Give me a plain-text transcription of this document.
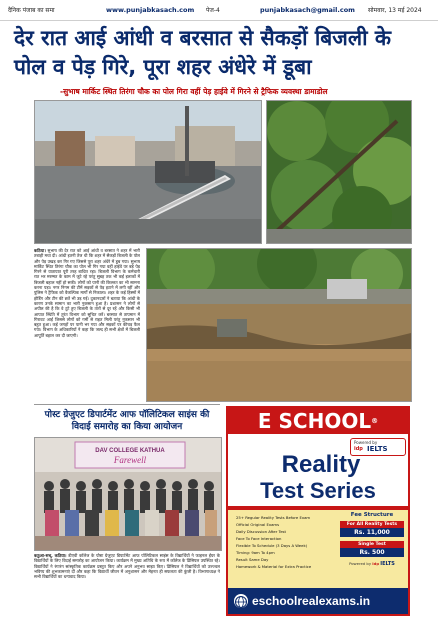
दैनिक पंजाब का समा	www.punjabkasach.com पेज-4	punjabkasach@gmail.com सोमवार, 13 मई 2024
देर रात आई आंधी व बरसात से सैकड़ों बिजली के पोल व पेड़ गिरे, पूरा शहर अंधेरे में डूबा
-सुभाष मार्किट स्थित तिरंगा चौक का पोल गिरा वहीं पेड़ हाईवे में गिरने से ट्रैफिक व्यवस्था डामाडोल
कठिया। सुभाष की देर रात को आई आंधी व बरसात ने शहर में भारी तबाही मचा दी। आंधी इतनी तेज थी कि शहर में सैकड़ों बिजली के पोल और पेड़ उखड़ कर गिर गए जिससे पूरा शहर अंधेरे में डूब गया। सुभाष मार्किट स्थित तिरंगा चौक का पोल भी गिर गया वहीं हाईवे पर बड़े पेड़ गिरने से यातायात पूरी तरह बाधित रहा। बिजली विभाग के कर्मचारी रात भर मरम्मत के काम में जुटे रहे परंतु सुबह तक भी कई इलाकों में बिजली बहाल नहीं हो सकी। लोगों को पानी की किल्लत का भी सामना करना पड़ा। नगर निगम की टीमें सड़कों से पेड़ हटाने में लगी रहीं और पुलिस ने ट्रैफिक को वैकल्पिक मार्गों से निकाला। शहर के कई हिस्सों में होर्डिंग और टीन की छतें भी उड़ गईं। दुकानदारों ने बताया कि आंधी के कारण उनके सामान का भारी नुकसान हुआ है। प्रशासन ने लोगों से अपील की है कि वे टूटे हुए बिजली के तारों से दूर रहें और किसी भी आपात स्थिति में तुरंत विभाग को सूचित करें। बरसात से तापमान में गिरावट आई जिससे लोगों को गर्मी से राहत मिली परंतु नुकसान भी बहुत हुआ। कई जगहों पर पानी भर गया और सड़कों पर कीचड़ फैल गया। विभाग के अधिकारियों ने कहा कि जल्द ही सभी क्षेत्रों में बिजली आपूर्ति बहाल कर दी जाएगी।
पोस्ट ग्रेजुएट डिपार्टमेंट आफ पॉलिटिकल साइंस की विदाई समारोह का किया आयोजन
DAV COLLEGE KATHUA
Farewell
कठुआ-सच्, कठिया। डीएवी कॉलेज के पोस्ट ग्रेजुएट डिपार्टमेंट आफ पॉलिटिकल साइंस के विद्यार्थियों ने फाइनल ईयर के विद्यार्थियों के लिए विदाई समारोह का आयोजन किया। कार्यक्रम में मुख्य अतिथि के रूप में कॉलेज के प्रिंसिपल उपस्थित रहे। विद्यार्थियों ने रंगारंग सांस्कृतिक कार्यक्रम प्रस्तुत किए और अपने अनुभव साझा किए। प्रिंसिपल ने विद्यार्थियों को उज्ज्वल भविष्य की शुभकामनाएं दीं और कहा कि विद्यार्थी जीवन में अनुशासन और मेहनत ही सफलता की कुंजी है। विभागाध्यक्ष ने सभी विद्यार्थियों का धन्यवाद किया।
E SCHOOL®
Powered by
idp IELTS
Reality
Test Series
• 25+ Regular Reality Tests Before Exam
• Official Original Exams
• Daily Discussion After Test
• Face To Face Interaction
• Flexible To Schedule (3 Days A Week)
• Timing: 9am To 4pm
• Result Same Day
• Homework & Material for Extra Practice
Fee Structure
For All Reality Tests
Rs. 11,000
Single Test
Rs. 500
Powered by idp IELTS
eschoolrealexams.in
